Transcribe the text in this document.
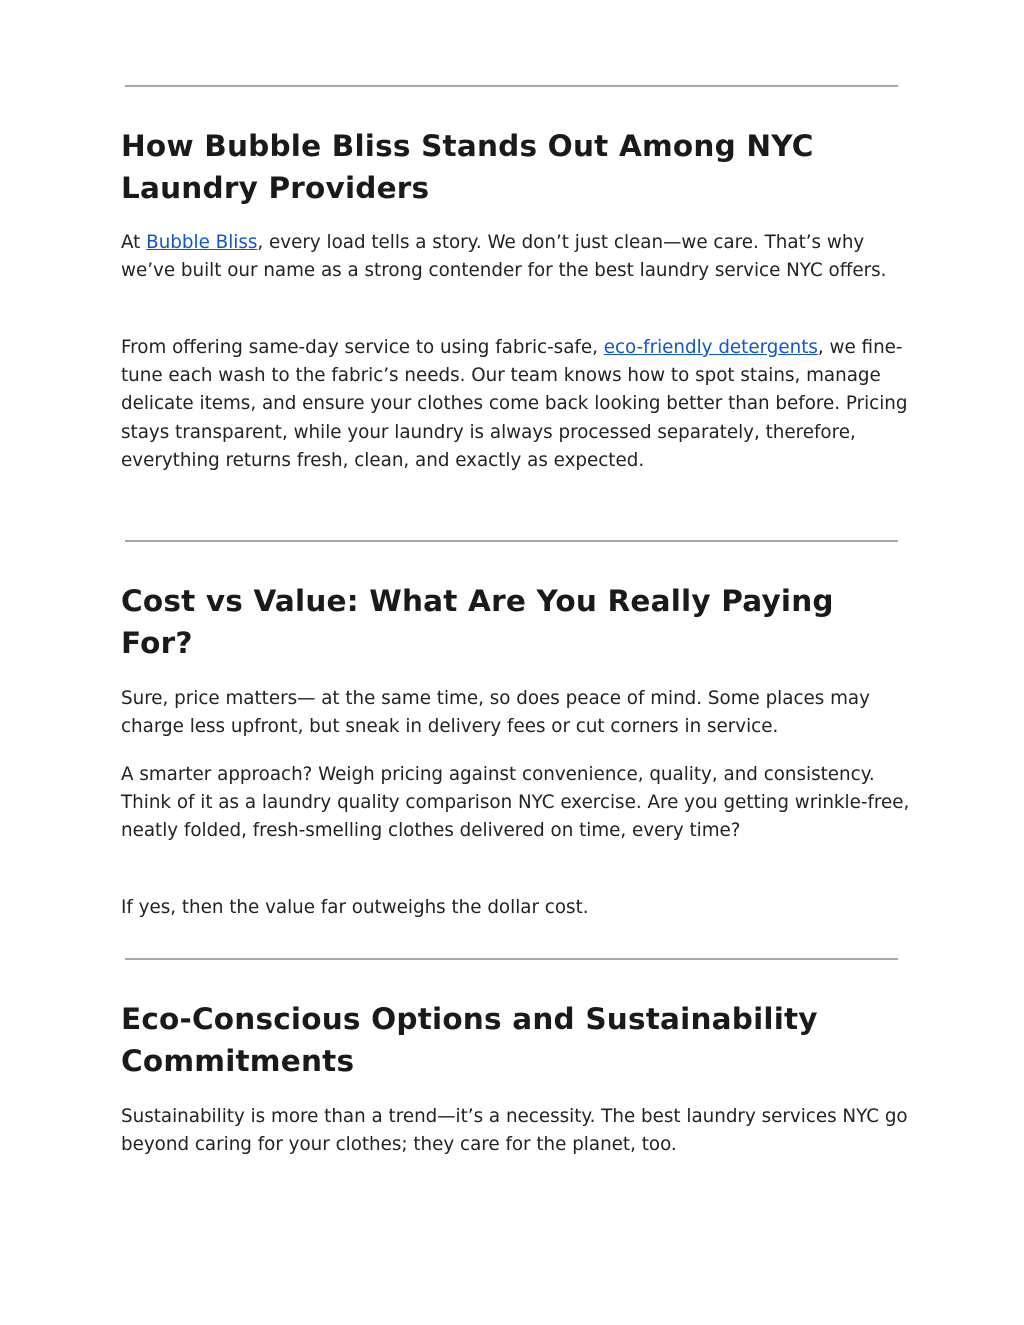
How Bubble Bliss Stands Out Among NYC Laundry Providers

At Bubble Bliss, every load tells a story. We don’t just clean—we care. That’s why we’ve built our name as a strong contender for the best laundry service NYC offers.

From offering same-day service to using fabric-safe, eco-friendly detergents, we fine-tune each wash to the fabric’s needs. Our team knows how to spot stains, manage delicate items, and ensure your clothes come back looking better than before. Pricing stays transparent, while your laundry is always processed separately, therefore, everything returns fresh, clean, and exactly as expected.

Cost vs Value: What Are You Really Paying For?

Sure, price matters— at the same time, so does peace of mind. Some places may charge less upfront, but sneak in delivery fees or cut corners in service.

A smarter approach? Weigh pricing against convenience, quality, and consistency. Think of it as a laundry quality comparison NYC exercise. Are you getting wrinkle-free, neatly folded, fresh-smelling clothes delivered on time, every time?

If yes, then the value far outweighs the dollar cost.

Eco-Conscious Options and Sustainability Commitments

Sustainability is more than a trend—it’s a necessity. The best laundry services NYC go beyond caring for your clothes; they care for the planet, too.
